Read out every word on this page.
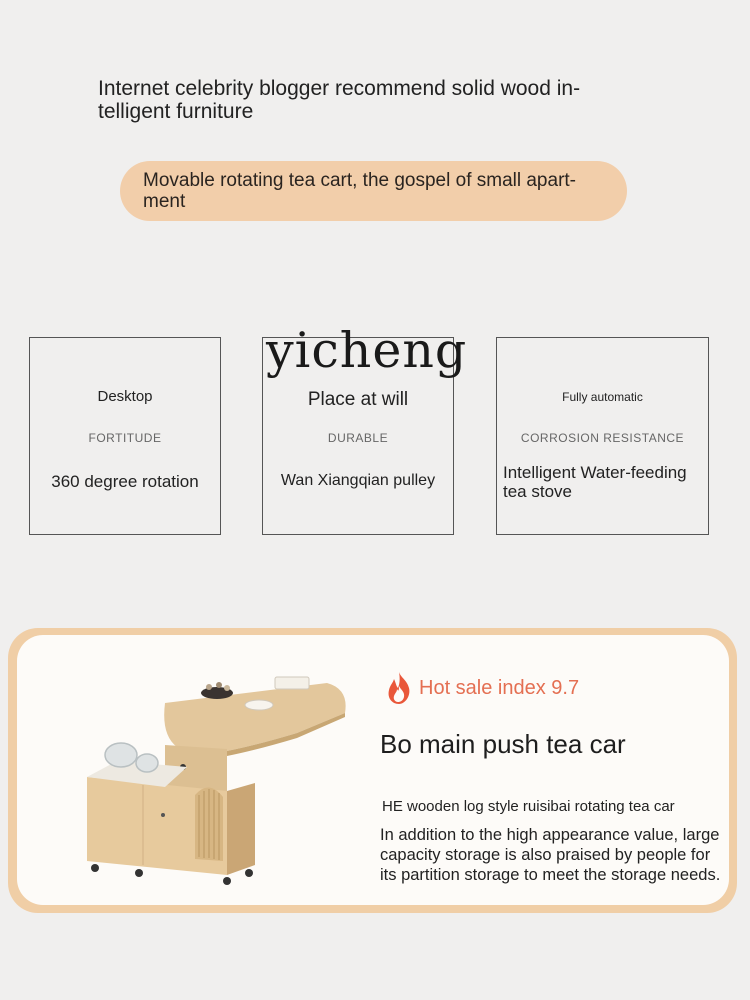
Internet celebrity blogger recommend solid wood in-
telligent furniture
Movable rotating tea cart, the gospel of small apart-
ment
yicheng
Desktop
FORTITUDE
360 degree rotation
Place at will
DURABLE
Wan Xiangqian pulley
Fully automatic
CORROSION RESISTANCE
Intelligent Water-feeding
tea stove
Hot sale index 9.7
Bo main push tea car
HE wooden log style ruisibai rotating tea car
In addition to the high appearance value, large
capacity storage is also praised by people for
its partition storage to meet the storage needs.
